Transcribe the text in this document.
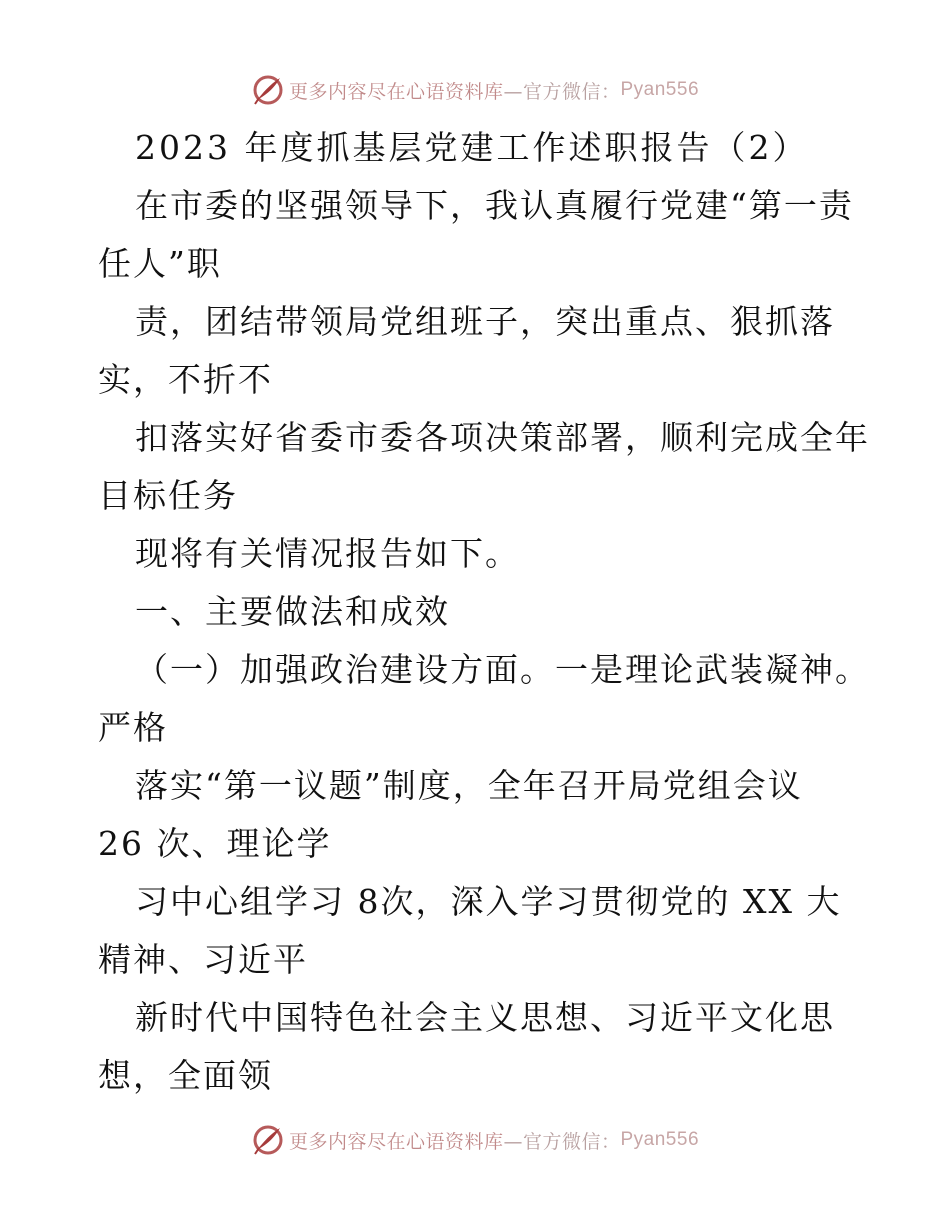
更多内容尽在心语资料库 —官方微信： Pyan556
2023 年度抓基层党建工作述职报告（2）
在市委的坚强领导下，我认真履行党建“第一责
任人”职
责，团结带领局党组班子，突出重点、狠抓落
实，不折不
扣落实好省委市委各项决策部署，顺利完成全年
目标任务
现将有关情况报告如下。
一、主要做法和成效
（一）加强政治建设方面。一是理论武装凝神。
严格
落实“第一议题”制度，全年召开局党组会议
26 次、理论学
习中心组学习 8次，深入学习贯彻党的 XX 大
精神、习近平
新时代中国特色社会主义思想、习近平文化思
想，全面领
更多内容尽在心语资料库 —官方微信： Pyan556
